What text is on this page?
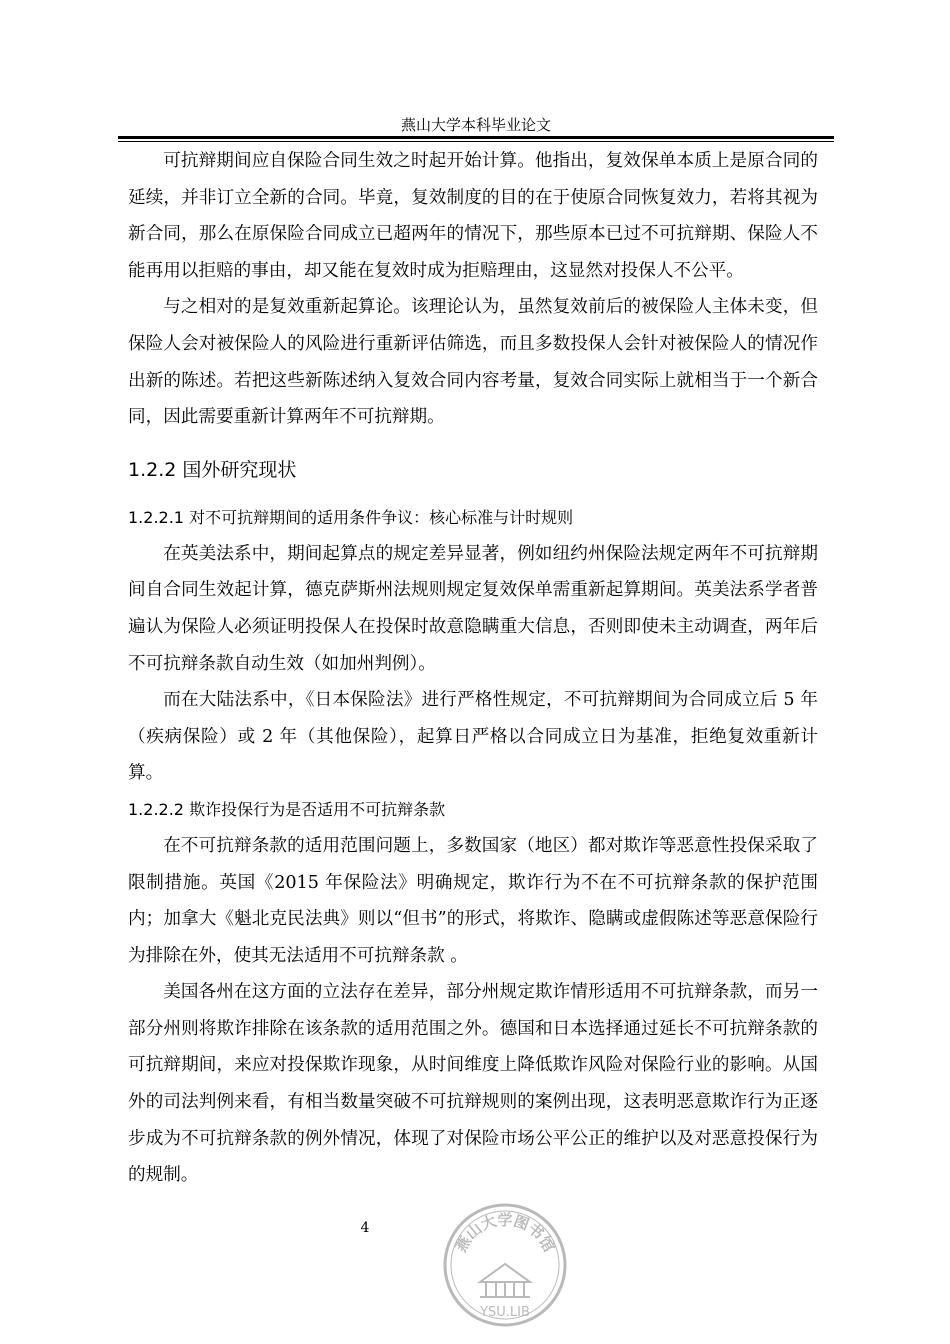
燕山大学本科毕业论文

可抗辩期间应自保险合同生效之时起开始计算。他指出，复效保单本质上是原合同的延续，并非订立全新的合同。毕竟，复效制度的目的在于使原合同恢复效力，若将其视为新合同，那么在原保险合同成立已超两年的情况下，那些原本已过不可抗辩期、保险人不能再用以拒赔的事由，却又能在复效时成为拒赔理由，这显然对投保人不公平。

与之相对的是复效重新起算论。该理论认为，虽然复效前后的被保险人主体未变，但保险人会对被保险人的风险进行重新评估筛选，而且多数投保人会针对被保险人的情况作出新的陈述。若把这些新陈述纳入复效合同内容考量，复效合同实际上就相当于一个新合同，因此需要重新计算两年不可抗辩期。

1.2.2 国外研究现状
1.2.2.1 对不可抗辩期间的适用条件争议：核心标准与计时规则

在英美法系中，期间起算点的规定差异显著，例如纽约州保险法规定两年不可抗辩期间自合同生效起计算，德克萨斯州法规则规定复效保单需重新起算期间。英美法系学者普遍认为保险人必须证明投保人在投保时故意隐瞒重大信息，否则即使未主动调查，两年后不可抗辩条款自动生效（如加州判例）。

而在大陆法系中，《日本保险法》进行严格性规定，不可抗辩期间为合同成立后 5 年（疾病保险）或 2 年（其他保险），起算日严格以合同成立日为基准，拒绝复效重新计算。

1.2.2.2 欺诈投保行为是否适用不可抗辩条款

在不可抗辩条款的适用范围问题上，多数国家（地区）都对欺诈等恶意性投保采取了限制措施。英国《2015 年保险法》明确规定，欺诈行为不在不可抗辩条款的保护范围内；加拿大《魁北克民法典》则以“但书”的形式，将欺诈、隐瞒或虚假陈述等恶意保险行为排除在外，使其无法适用不可抗辩条款 。

美国各州在这方面的立法存在差异，部分州规定欺诈情形适用不可抗辩条款，而另一部分州则将欺诈排除在该条款的适用范围之外。德国和日本选择通过延长不可抗辩条款的可抗辩期间，来应对投保欺诈现象，从时间维度上降低欺诈风险对保险行业的影响。从国外的司法判例来看，有相当数量突破不可抗辩规则的案例出现，这表明恶意欺诈行为正逐步成为不可抗辩条款的例外情况，体现了对保险市场公平公正的维护以及对恶意投保行为的规制。

4
燕山大学图书馆
YSU.LIB
